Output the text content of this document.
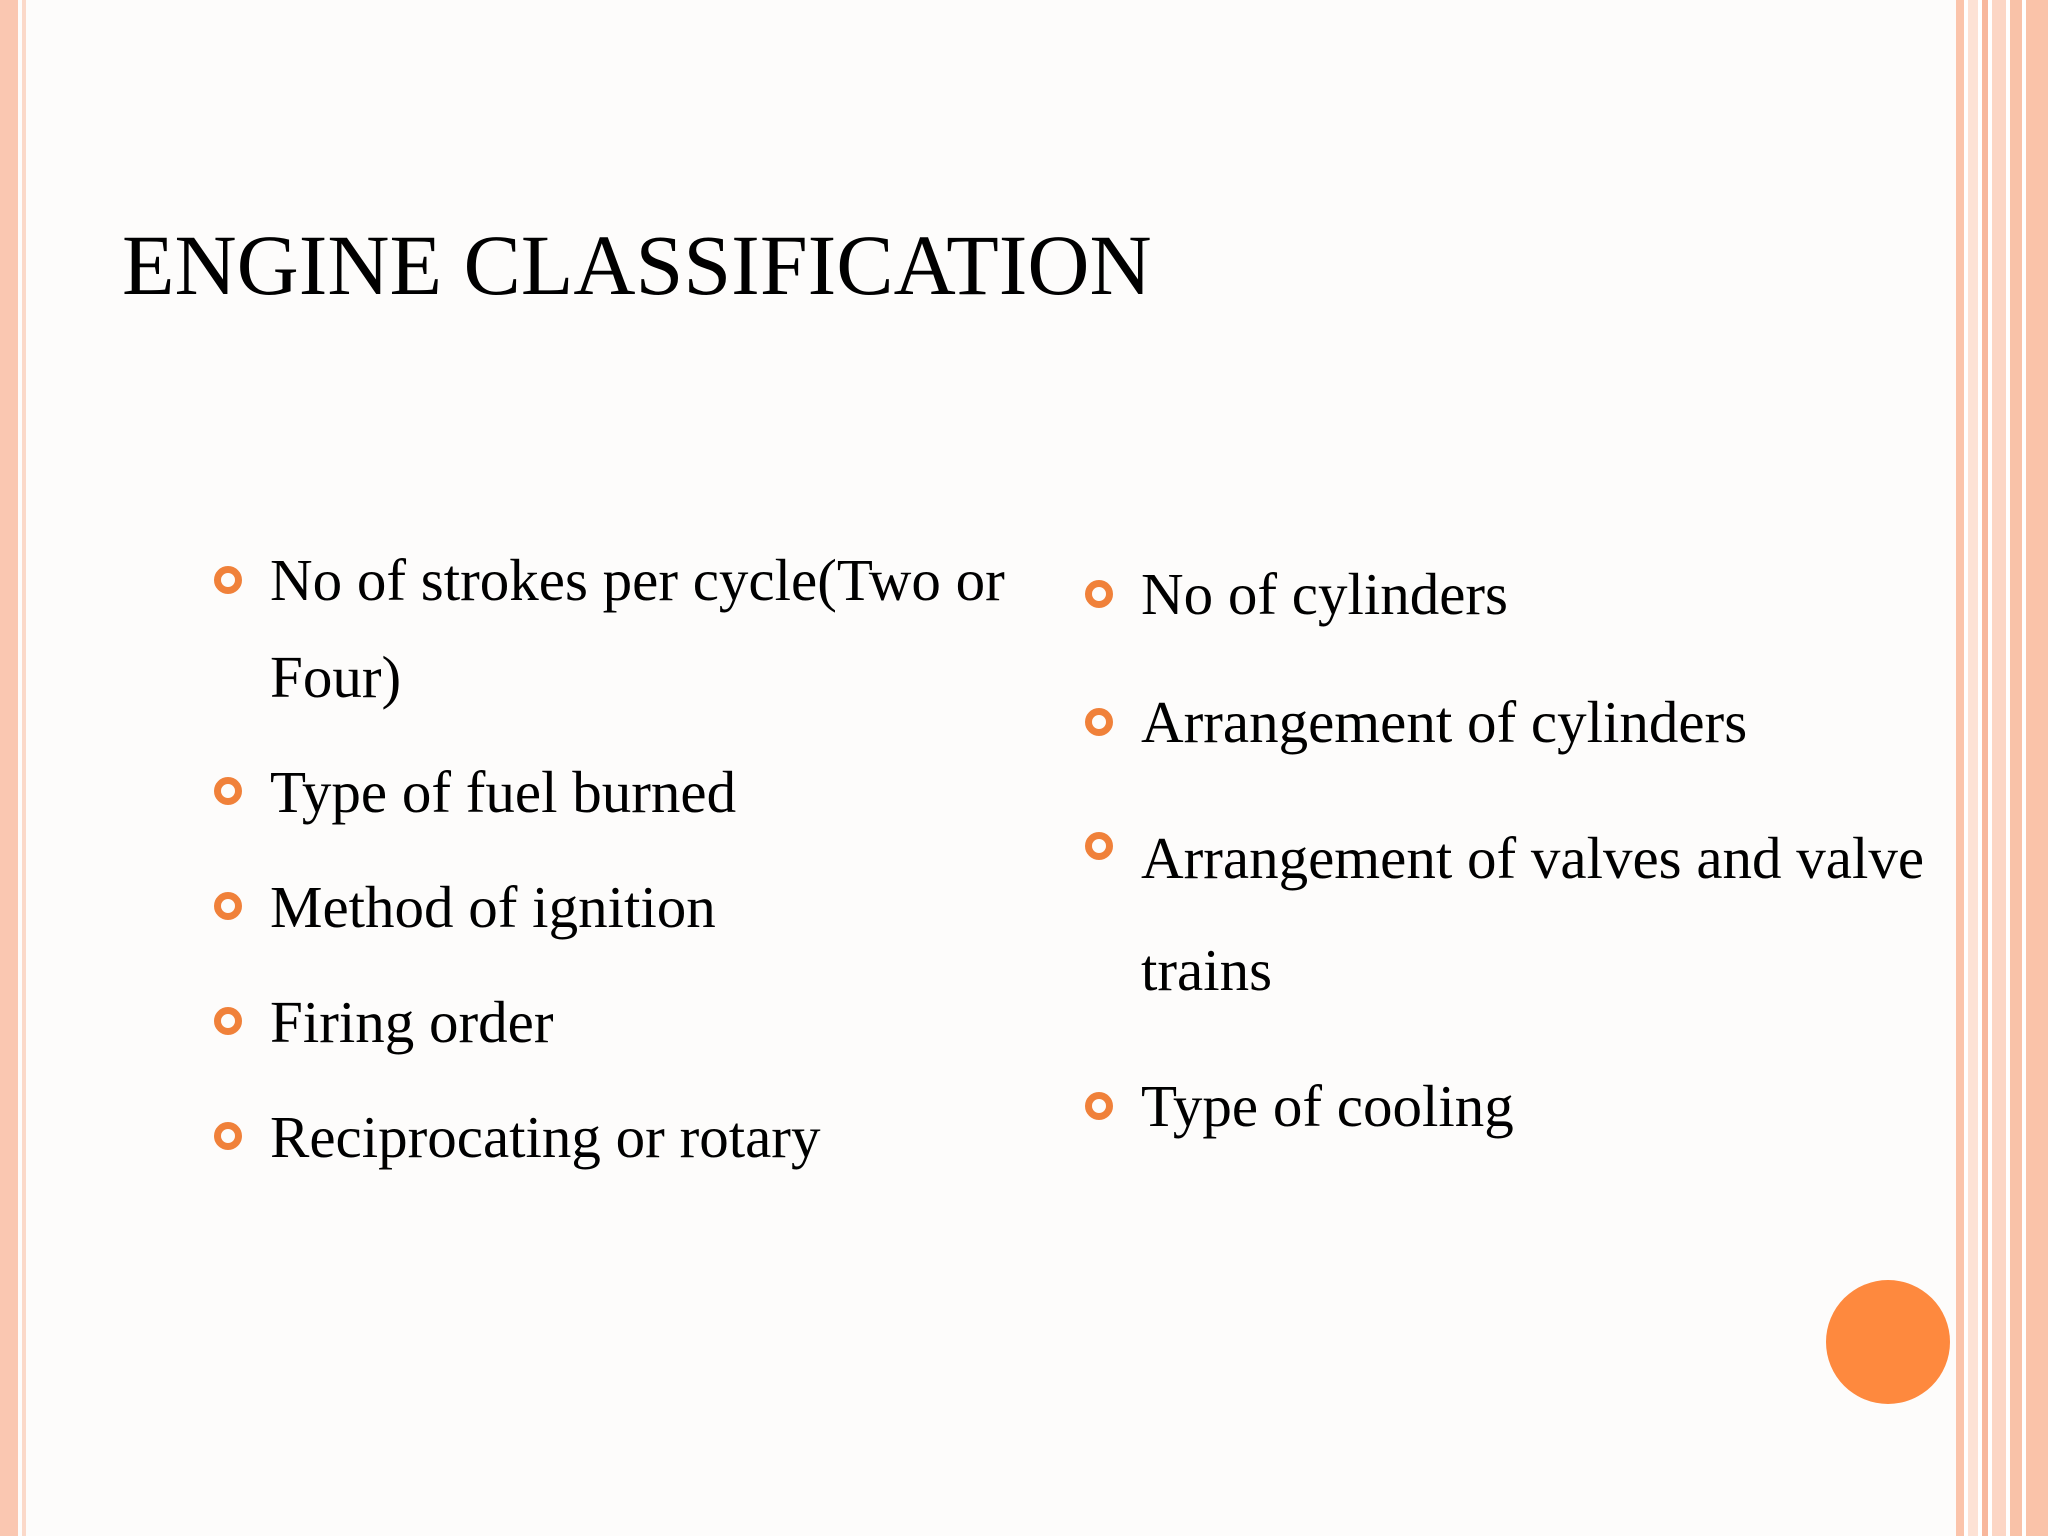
ENGINE CLASSIFICATION
No of strokes per cycle(Two or Four)
Type of fuel burned
Method of ignition
Firing order
Reciprocating or rotary
No of cylinders
Arrangement of cylinders
Arrangement of valves and valve trains
Type of cooling
